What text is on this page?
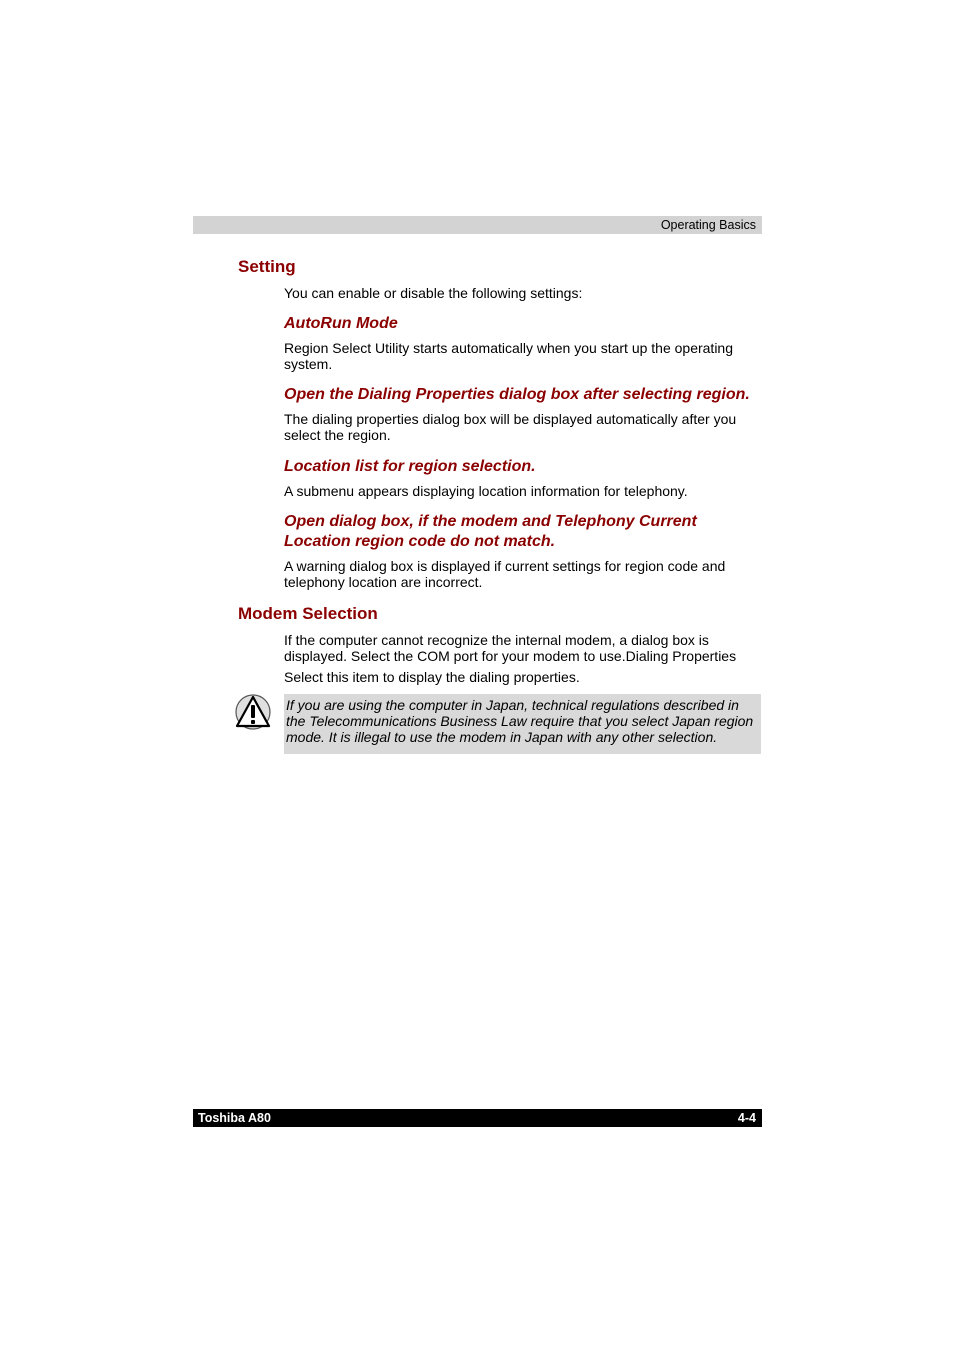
Operating Basics
Setting

You can enable or disable the following settings:

AutoRun Mode

Region Select Utility starts automatically when you start up the operating system.

Open the Dialing Properties dialog box after selecting region.

The dialing properties dialog box will be displayed automatically after you select the region.

Location list for region selection.

A submenu appears displaying location information for telephony.

Open dialog box, if the modem and Telephony Current Location region code do not match.

A warning dialog box is displayed if current settings for region code and telephony location are incorrect.

Modem Selection

If the computer cannot recognize the internal modem, a dialog box is displayed. Select the COM port for your modem to use.Dialing Properties

Select this item to display the dialing properties.

If you are using the computer in Japan, technical regulations described in the Telecommunications Business Law require that you select Japan region mode. It is illegal to use the modem in Japan with any other selection.

Toshiba A80	4-4
